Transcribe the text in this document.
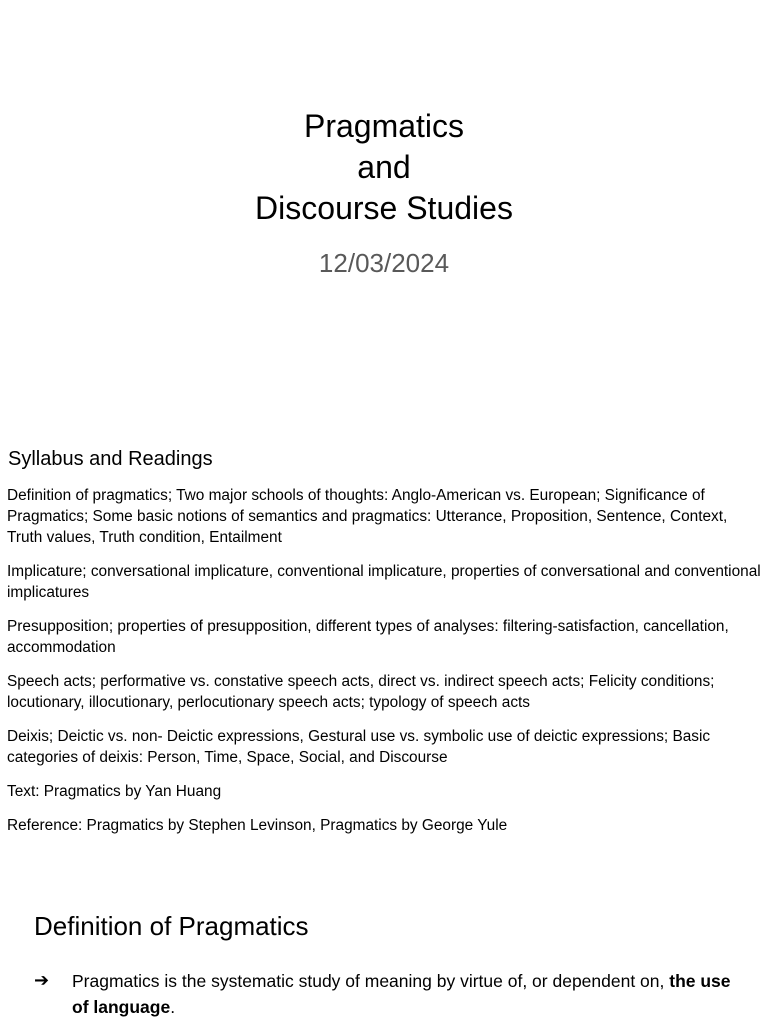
Pragmatics
and
Discourse Studies
12/03/2024
Syllabus and Readings
Definition of pragmatics; Two major schools of thoughts: Anglo-American vs. European; Significance of Pragmatics; Some basic notions of semantics and pragmatics: Utterance, Proposition, Sentence, Context, Truth values, Truth condition, Entailment
Implicature; conversational implicature, conventional implicature, properties of conversational and conventional implicatures
Presupposition; properties of presupposition, different types of analyses: filtering-satisfaction, cancellation, accommodation
Speech acts; performative vs. constative speech acts, direct vs. indirect speech acts; Felicity conditions; locutionary, illocutionary, perlocutionary speech acts; typology of speech acts
Deixis; Deictic vs. non- Deictic expressions, Gestural use vs. symbolic use of deictic expressions; Basic categories of deixis: Person, Time, Space, Social, and Discourse
Text: Pragmatics by Yan Huang
Reference: Pragmatics by Stephen Levinson, Pragmatics by George Yule
Definition of Pragmatics
➔ Pragmatics is the systematic study of meaning by virtue of, or dependent on, the use of language.
